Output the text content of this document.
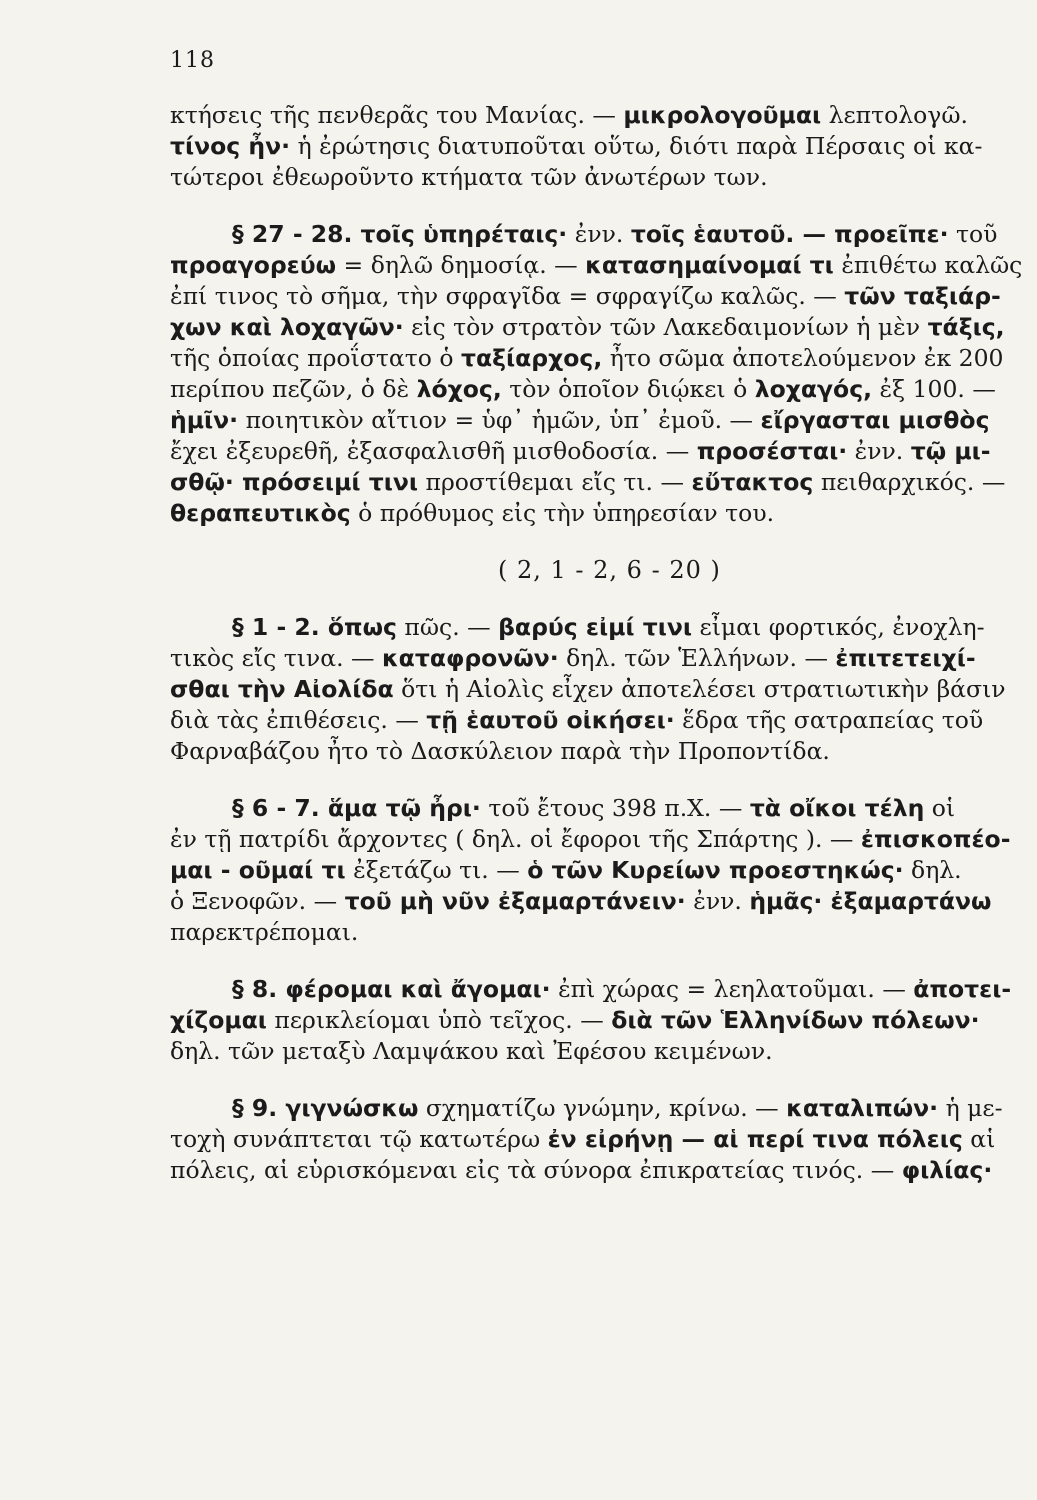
118
κτήσεις τῆς πενθερᾶς του Μανίας. — μικρολογοῦμαι λεπτολογῶ.
τίνος ἦν· ἡ ἐρώτησις διατυποῦται οὕτω, διότι παρὰ Πέρσαις οἱ κα-
τώτεροι ἐθεωροῦντο κτήματα τῶν ἀνωτέρων των.
§ 27 - 28. τοῖς ὑπηρέταις· ἐνν. τοῖς ἑαυτοῦ. — προεῖπε· τοῦ
προαγορεύω = δηλῶ δημοσίᾳ. — κατασημαίνομαί τι ἐπιθέτω καλῶς
ἐπί τινος τὸ σῆμα, τὴν σφραγῖδα = σφραγίζω καλῶς. — τῶν ταξιάρ-
χων καὶ λοχαγῶν· εἰς τὸν στρατὸν τῶν Λακεδαιμονίων ἡ μὲν τάξις,
τῆς ὁποίας προΐστατο ὁ ταξίαρχος, ἦτο σῶμα ἀποτελούμενον ἐκ 200
περίπου πεζῶν, ὁ δὲ λόχος, τὸν ὁποῖον διῴκει ὁ λοχαγός, ἐξ 100. —
ἡμῖν· ποιητικὸν αἴτιον = ὑφ᾽ ἡμῶν, ὑπ᾽ ἐμοῦ. — εἴργασται μισθὸς
ἔχει ἐξευρεθῆ, ἐξασφαλισθῆ μισθοδοσία. — προσέσται· ἐνν. τῷ μι-
σθῷ· πρόσειμί τινι προστίθεμαι εἴς τι. — εὔτακτος πειθαρχικός. —
θεραπευτικὸς ὁ πρόθυμος εἰς τὴν ὑπηρεσίαν του.
( 2, 1 - 2, 6 - 20 )
§ 1 - 2. ὅπως πῶς. — βαρύς εἰμί τινι εἶμαι φορτικός, ἐνοχλη-
τικὸς εἴς τινα. — καταφρονῶν· δηλ. τῶν Ἑλλήνων. — ἐπιτετειχί-
σθαι τὴν Αἰολίδα ὅτι ἡ Αἰολὶς εἶχεν ἀποτελέσει στρατιωτικὴν βάσιν
διὰ τὰς ἐπιθέσεις. — τῇ ἑαυτοῦ οἰκήσει· ἕδρα τῆς σατραπείας τοῦ
Φαρναβάζου ἦτο τὸ Δασκύλειον παρὰ τὴν Προποντίδα.
§ 6 - 7. ἅμα τῷ ἦρι· τοῦ ἔτους 398 π.Χ. — τὰ οἴκοι τέλη οἱ
ἐν τῇ πατρίδι ἄρχοντες ( δηλ. οἱ ἔφοροι τῆς Σπάρτης ). — ἐπισκοπέο-
μαι - οῦμαί τι ἐξετάζω τι. — ὁ τῶν Κυρείων προεστηκώς· δηλ.
ὁ Ξενοφῶν. — τοῦ μὴ νῦν ἐξαμαρτάνειν· ἐνν. ἡμᾶς· ἐξαμαρτάνω
παρεκτρέπομαι.
§ 8. φέρομαι καὶ ἄγομαι· ἐπὶ χώρας = λεηλατοῦμαι. — ἀποτει-
χίζομαι περικλείομαι ὑπὸ τεῖχος. — διὰ τῶν Ἑλληνίδων πόλεων·
δηλ. τῶν μεταξὺ Λαμψάκου καὶ Ἐφέσου κειμένων.
§ 9. γιγνώσκω σχηματίζω γνώμην, κρίνω. — καταλιπών· ἡ με-
τοχὴ συνάπτεται τῷ κατωτέρω ἐν εἰρήνῃ — αἱ περί τινα πόλεις αἱ
πόλεις, αἱ εὑρισκόμεναι εἰς τὰ σύνορα ἐπικρατείας τινός. — φιλίας·
